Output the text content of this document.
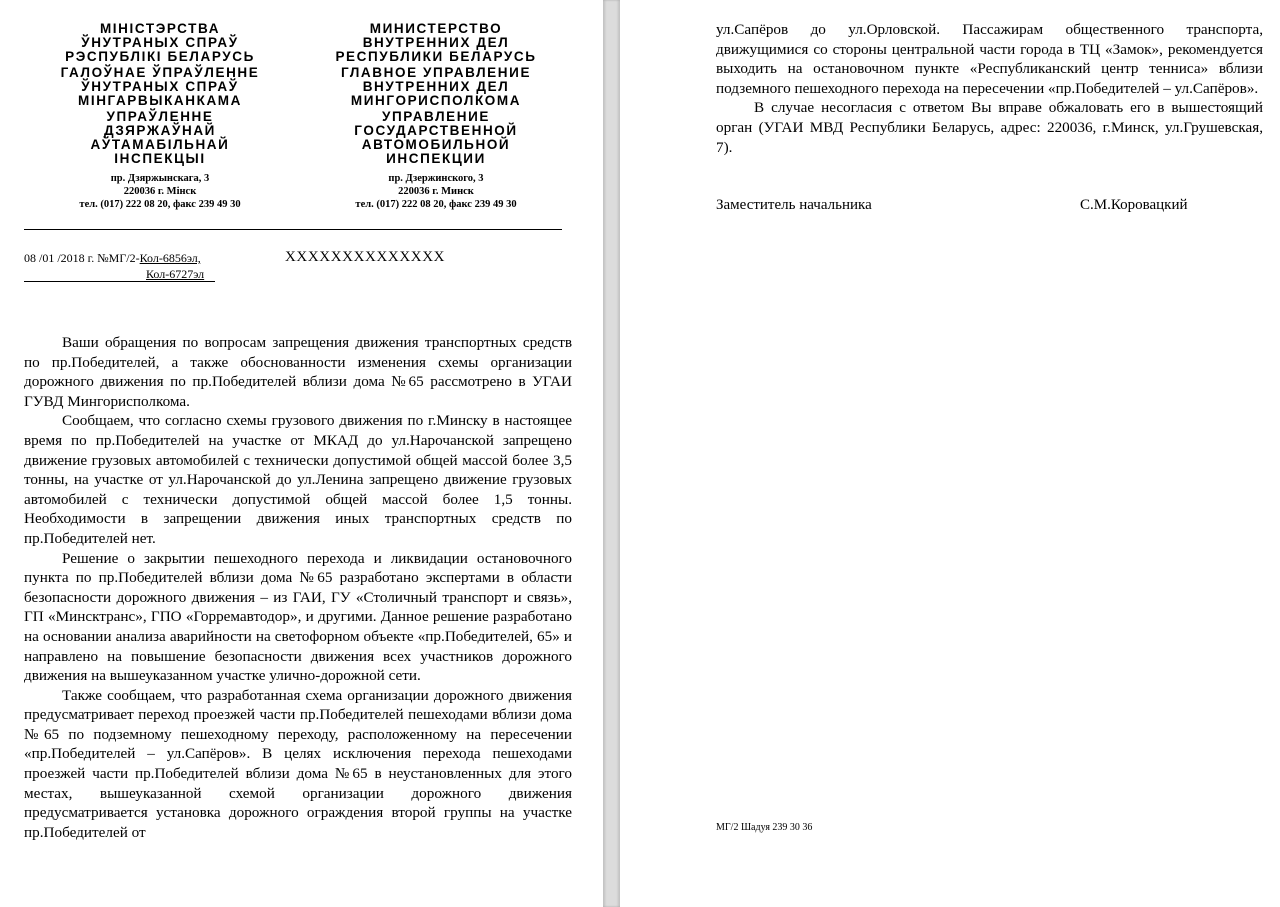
МІНІСТЭРСТВА
ЎНУТРАНЫХ СПРАЎ
РЭСПУБЛІКІ БЕЛАРУСЬ
ГАЛОЎНАЕ ЎПРАЎЛЕННЕ
ЎНУТРАНЫХ СПРАЎ
МІНГАРВЫКАНКАМА
УПРАЎЛЕННЕ
ДЗЯРЖАЎНАЙ
АЎТАМАБІЛЬНАЙ
ІНСПЕКЦЫІ
пр. Дзяржынскага, 3
220036 г. Мінск
тел. (017) 222 08 20, факс 239 49 30
МИНИСТЕРСТВО
ВНУТРЕННИХ ДЕЛ
РЕСПУБЛИКИ БЕЛАРУСЬ
ГЛАВНОЕ УПРАВЛЕНИЕ
ВНУТРЕННИХ ДЕЛ
МИНГОРИСПОЛКОМА
УПРАВЛЕНИЕ
ГОСУДАРСТВЕННОЙ
АВТОМОБИЛЬНОЙ
ИНСПЕКЦИИ
пр. Дзержинского, 3
220036 г. Минск
тел. (017) 222 08 20, факс 239 49 30
08 /01 /2018 г. №МГ/2-Кол-6856эл,
Кол-6727эл
ХХХХХХХХХХХХХХ

Ваши обращения по вопросам запрещения движения транспортных средств по пр.Победителей, а также обоснованности изменения схемы организации дорожного движения по пр.Победителей вблизи дома №65 рассмотрено в УГАИ ГУВД Мингорисполкома.

Сообщаем, что согласно схемы грузового движения по г.Минску в настоящее время по пр.Победителей на участке от МКАД до ул.Нарочанской запрещено движение грузовых автомобилей с технически допустимой общей массой более 3,5 тонны, на участке от ул.Нарочанской до ул.Ленина запрещено движение грузовых автомобилей с технически допустимой общей массой более 1,5 тонны. Необходимости в запрещении движения иных транспортных средств по пр.Победителей нет.

Решение о закрытии пешеходного перехода и ликвидации остановочного пункта по пр.Победителей вблизи дома №65 разработано экспертами в области безопасности дорожного движения – из ГАИ, ГУ «Столичный транспорт и связь», ГП «Минсктранс», ГПО «Горремавтодор», и другими. Данное решение разработано на основании анализа аварийности на светофорном объекте «пр.Победителей, 65» и направлено на повышение безопасности движения всех участников дорожного движения на вышеуказанном участке улично-дорожной сети.

Также сообщаем, что разработанная схема организации дорожного движения предусматривает переход проезжей части пр.Победителей пешеходами вблизи дома №65 по подземному пешеходному переходу, расположенному на пересечении «пр.Победителей – ул.Сапёров». В целях исключения перехода пешеходами проезжей части пр.Победителей вблизи дома №65 в неустановленных для этого местах, вышеуказанной схемой организации дорожного движения предусматривается установка дорожного ограждения второй группы на участке пр.Победителей от

ул.Сапёров до ул.Орловской. Пассажирам общественного транспорта, движущимися со стороны центральной части города в ТЦ «Замок», рекомендуется выходить на остановочном пункте «Республиканский центр тенниса» вблизи подземного пешеходного перехода на пересечении «пр.Победителей – ул.Сапёров».

В случае несогласия с ответом Вы вправе обжаловать его в вышестоящий орган (УГАИ МВД Республики Беларусь, адрес: 220036, г.Минск, ул.Грушевская, 7).

Заместитель начальника	С.М.Коровацкий
МГ/2 Шадуя 239 30 36
